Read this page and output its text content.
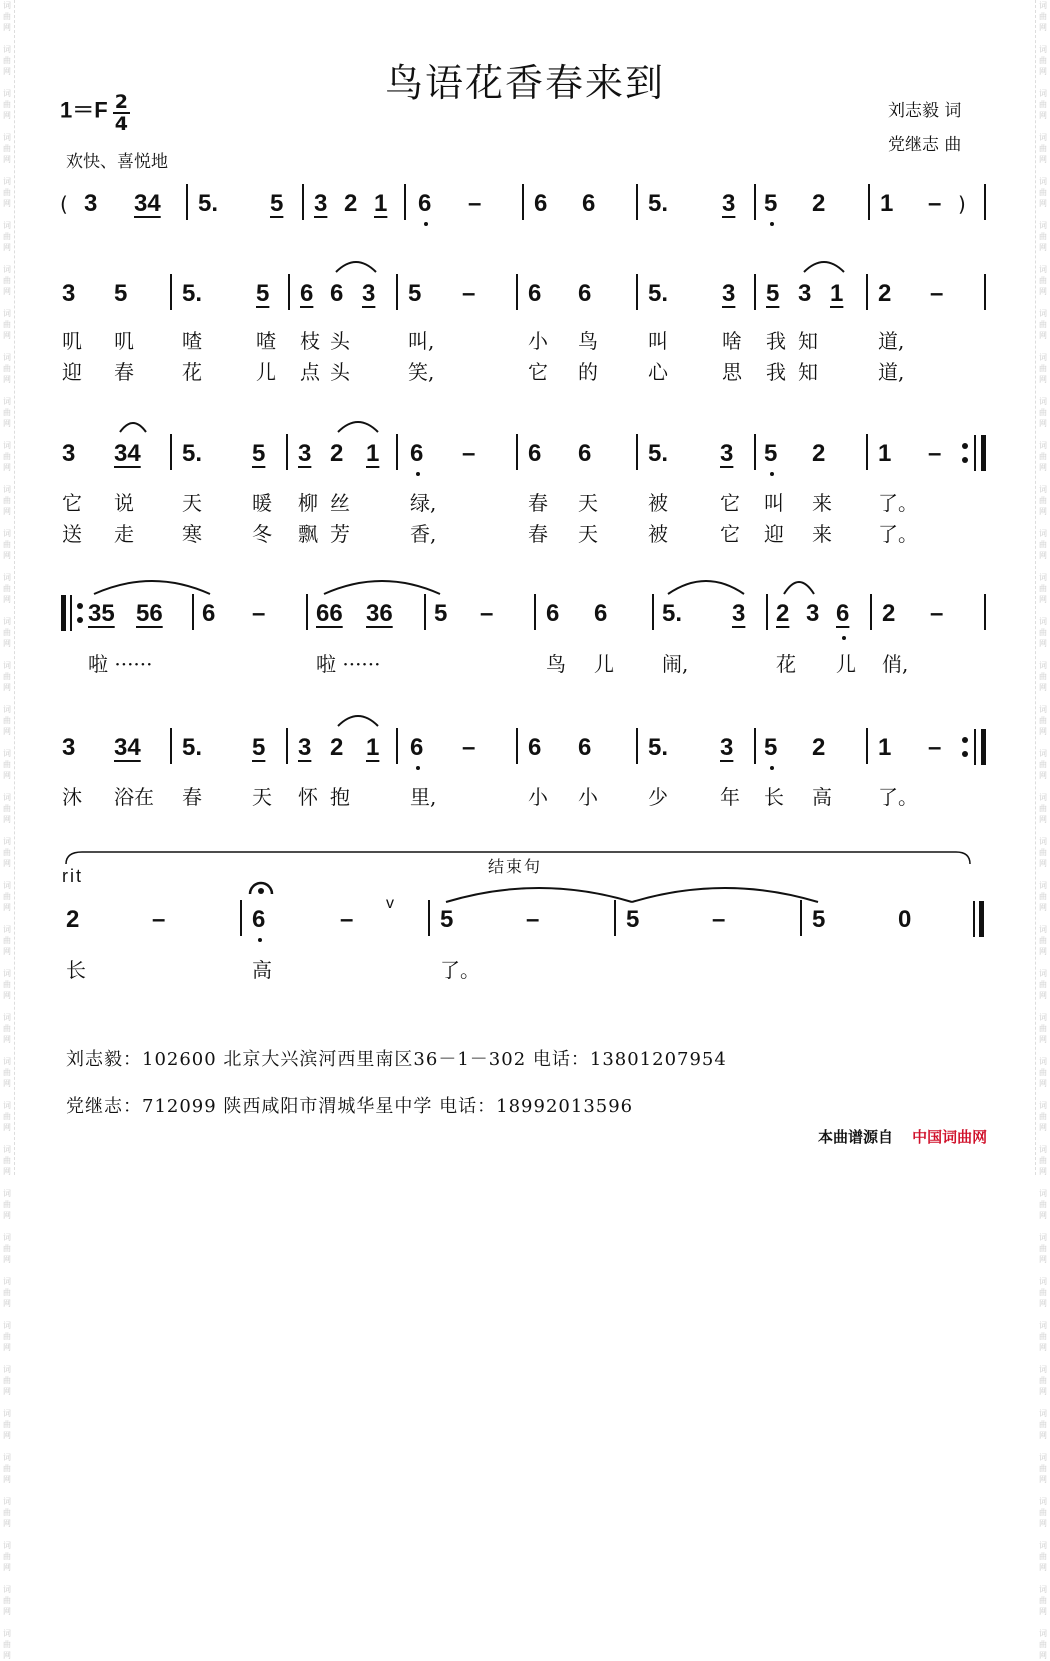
词
曲
网

词
曲
网

词
曲
网

词
曲
网

词
曲
网

词
曲
网

词
曲
网

词
曲
网

词
曲
网

词
曲
网

词
曲
网

词
曲
网

词
曲
网

词
曲
网

词
曲
网

词
曲
网

词
曲
网

词
曲
网

词
曲
网

词
曲
网

词
曲
网

词
曲
网

词
曲
网

词
曲
网

词
曲
网

词
曲
网

词
曲
网

词
曲
网

词
曲
网

词
曲
网

词
曲
网

词
曲
网

词
曲
网

词
曲
网

词
曲
网

词
曲
网

词
曲
网

词
曲
网

词
曲
网

词
曲
网

词
曲
网

词
曲
网

词
曲
网

词
曲
网

词
曲
网

词
曲
网

词
曲
网

词
曲
网

词
曲
网

词
曲
网

词
曲
网

词
曲
网

词
曲
网

词
曲
网

词
曲
网

词
曲
网

词
曲
网

词
曲
网

词
曲
网

词
曲
网

词
曲
网

词
曲
网

词
曲
网

词
曲
网

词
曲
网

词
曲
网

词
曲
网

词
曲
网

词
曲
网

词
曲
网

词
曲
网

词
曲
网

词
曲
网

词
曲
网

词
曲
网

词
曲
网

鸟语花香春来到
$1=F \frac{2}{4}$
欢快、喜悦地
刘志毅 词
党继志 曲
( 3 34 5. 5 3 2 1 6 – 6 6 5. 3 5 2 1 – )
3 5 5. 5 6 6 3 5 – 6 6 5. 3 5 3 1 2 –
叽 叽 喳	喳 枝 头	叫,	小 鸟	叫	啥 我 知	道,
迎 春 花	儿 点 头	笑,	它 的	心	思 我 知	道,
3 34 5. 5 3 2 1 6 – 6 6 5. 3 5 2 1 –
它 说 天	暖 柳 丝	绿,	春 天	被	它 叫 来 了。
送 走 寒	冬 飘 芳	香,	春 天	被	它 迎 来 了。
35 56 6 – 66 36 5 – 6 6 5. 3 2 3 6 2 –
啦 ······	啦 ······	鸟 儿 闹,	花 儿 俏,
3 34 5. 5 3 2 1 6 – 6 6 5. 3 5 2 1 –
沐 浴在 春	天 怀 抱	里,	小 小	少	年 长 高 了。
结束句
rit
2	–	6	–
v
5	–	5	–	5	0
长	高	了。
刘志毅：102600 北京大兴滨河西里南区36－1－302 电话：13801207954
党继志：712099 陕西咸阳市渭城华星中学 电话：18992013596
本曲谱源自 中国词曲网
